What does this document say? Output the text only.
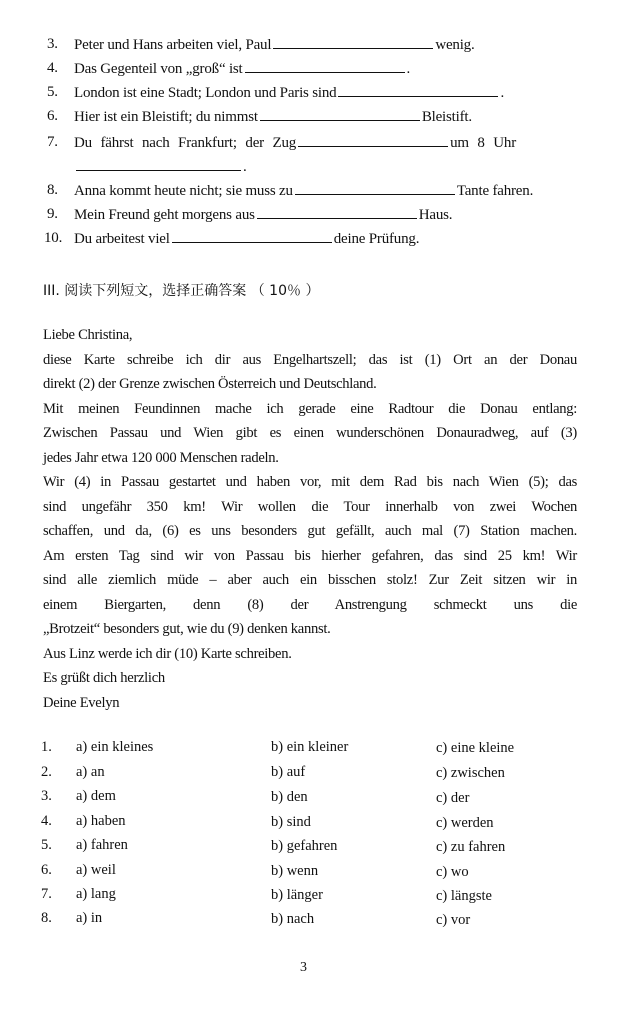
3. Peter und Hans arbeiten viel, Paul	wenig.
4. Das Gegenteil von „groß“ ist	.
5. London ist eine Stadt; London und Paris sind	.
6. Hier ist ein Bleistift; du nimmst	Bleistift.
7. Du fährst nach Frankfurt; der Zug	um 8 Uhr
.
8. Anna kommt heute nicht; sie muss zu	Tante fahren.
9. Mein Freund geht morgens aus	Haus.
10. Du arbeitest viel	deine Prüfung.
III. 阅读下列短文，选择正确答案 （ 10％ ）
Liebe Christina,
diese Karte schreibe ich dir aus Engelhartszell; das ist (1) Ort an der Donau
direkt (2) der Grenze zwischen Österreich und Deutschland.
Mit meinen Feundinnen mache ich gerade eine Radtour die Donau entlang:
Zwischen Passau und Wien gibt es einen wunderschönen Donauradweg, auf (3)
jedes Jahr etwa 120 000 Menschen radeln.
Wir (4) in Passau gestartet und haben vor, mit dem Rad bis nach Wien (5); das
sind ungefähr 350 km! Wir wollen die Tour innerhalb von zwei Wochen
schaffen, und da, (6) es uns besonders gut gefällt, auch mal (7) Station machen.
Am ersten Tag sind wir von Passau bis hierher gefahren, das sind 25 km! Wir
sind alle ziemlich müde – aber auch ein bisschen stolz! Zur Zeit sitzen wir in
einem Biergarten, denn (8) der Anstrengung schmeckt uns die
„Brotzeit“ besonders gut, wie du (9) denken kannst.
Aus Linz werde ich dir (10) Karte schreiben.
Es grüßt dich herzlich
Deine Evelyn
1. a) ein kleines	b) ein kleiner	c) eine kleine
2. a) an	b) auf	c) zwischen
3. a) dem	b) den	c) der
4. a) haben	b) sind	c) werden
5. a) fahren	b) gefahren	c) zu fahren
6. a) weil	b) wenn	c) wo
7. a) lang	b) länger	c) längste
8. a) in	b) nach	c) vor
3
